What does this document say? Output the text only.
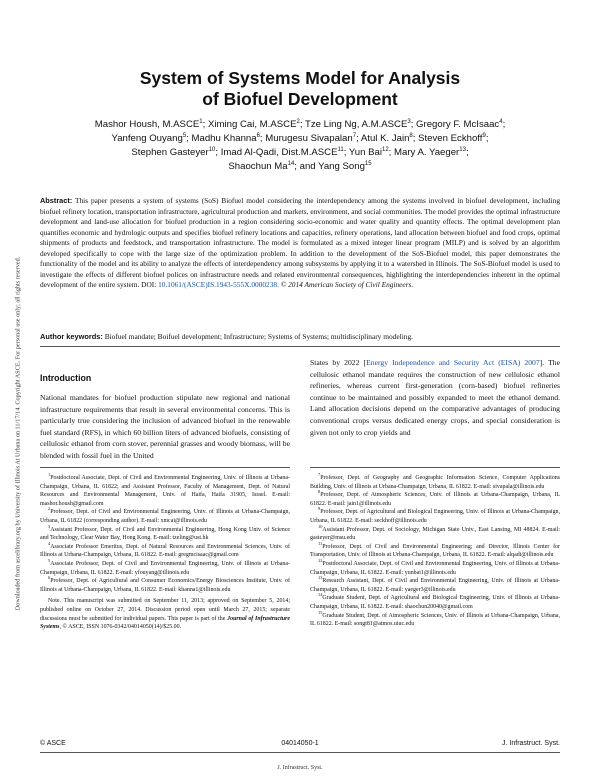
Downloaded from ascelibrary.org by University of Illinois At Urbana on 11/17/14. Copyright ASCE. For personal use only; all rights reserved.
System of Systems Model for Analysis
of Biofuel Development
Mashor Housh, M.ASCE$^1$; Ximing Cai, M.ASCE$^2$; Tze Ling Ng, A.M.ASCE$^3$; Gregory F. McIsaac$^4$;
Yanfeng Ouyang$^5$; Madhu Khanna$^6$; Murugesu Sivapalan$^7$; Atul K. Jain$^8$; Steven Eckhoff$^9$;
Stephen Gasteyer$^{10}$; Imad Al-Qadi, Dist.M.ASCE$^{11}$; Yun Bai$^{12}$; Mary A. Yaeger$^{13}$;
Shaochun Ma$^{14}$; and Yang Song$^{15}$
Abstract: This paper presents a system of systems (SoS) Biofuel model considering the interdependency among the systems involved in biofuel development, including biofuel refinery location, transportation infrastructure, agricultural production and markets, environment, and social communities. The model provides the optimal infrastructure development and land-use allocation for biofuel production in a region considering socio-economic and water quality and quantity effects. The optimal development plan quantifies economic and hydrologic outputs and specifies biofuel refinery locations and capacities, refinery operations, land allocation between biofuel and food crops, optimal shipments of products and feedstock, and transportation infrastructure. The model is formulated as a mixed integer linear program (MILP) and is solved by an algorithm developed specifically to cope with the large size of the optimization problem. In addition to the development of the SoS-Biofuel model, this paper demonstrates the functionality of the model and its ability to analyze the effects of interdependency among subsystems by applying it to a watershed in Illinois. The SoS-Biofuel model is used to investigate the effects of different biofuel polices on infrastructure needs and related environmental consequences, highlighting the interdependencies inherent in the optimal development of the entire system. DOI: 10.1061/(ASCE)IS.1943-555X.0000238. © 2014 American Society of Civil Engineers.
Author keywords: Biofuel mandate; Boifuel development; Infrastructure; Systems of Systems; multidisciplinary modeling.
Introduction
National mandates for biofuel production stipulate new regional and national infrastructure requirements that result in several environmental concerns. This is particularly true considering the inclusion of advanced biofuel in the renewable fuel standard (RFS), in which 60 billion liters of advanced biofuels, consisting of cellulosic ethanol from corn stover, perennial grasses and woody biomass, will be blended with fossil fuel in the United
States by 2022 [Energy Independence and Security Act (EISA) 2007]. The cellulosic ethanol mandate requires the construction of new cellulosic ethanol refineries, whereas current first-generation (corn-based) biofuel refineries continue to be maintained and possibly expanded to meet the ethanol demand. Land allocation decisions depend on the comparative advantages of producing conventional crops versus dedicated energy crops, and special consideration is given not only to crop yields and

$^1$Postdoctoral Associate, Dept. of Civil and Environmental Engineering, Univ. of Illinois at Urbana-Champaign, Urbana, IL 61822; and Assistant Professor, Faculty of Management, Dept. of Natural Resources and Environmental Management, Univ. of Haifa, Haifa 31905, Israel. E-mail: mashor.housh@gmail.com

$^2$Professor, Dept. of Civil and Environmental Engineering, Univ. of Illinois at Urbana-Champaign, Urbana, IL 61822 (corresponding author). E-mail: xmcai@illinois.edu

$^3$Assistant Professor, Dept. of Civil and Environmental Engineering, Hong Kong Univ. of Science and Technology, Clear Water Bay, Hong Kong. E-mail: tzeling@ust.hk

$^4$Associate Professor Emeritus, Dept. of Natural Resources and Environmental Sciences, Univ. of Illinois at Urbana-Champaign, Urbana, IL 61822. E-mail: gregmcisaac@gmail.com

$^5$Associate Professor, Dept. of Civil and Environmental Engineering, Univ. of Illinois at Urbana-Champaign, Urbana, IL 61822. E-mail: yfouyang@illinois.edu

$^6$Professor, Dept. of Agricultural and Consumer Economics/Energy Biosciences Institute, Univ. of Illinois at Urbana-Champaign, Urbana, IL 61822. E-mail: khanna1@illinois.edu

Note. This manuscript was submitted on September 11, 2013; approved on September 5, 2014; published online on October 27, 2014. Discussion period open until March 27, 2015; separate discussions must be submitted for individual papers. This paper is part of the Journal of Infrastructure Systems, © ASCE, ISSN 1076-0342/04014050(14)/$25.00.

$^7$Professor, Dept. of Geography and Geographic Information Science, Computer Applications Building, Univ. of Illinois at Urbana-Champaign, Urbana, IL 61822. E-mail: sivapala@illinois.edu

$^8$Professor, Dept. of Atmospheric Sciences, Univ. of Illinois at Urbana-Champaign, Urbana, IL 61822. E-mail: jain1@illinois.edu

$^9$Professor, Dept. of Agricultural and Biological Engineering, Univ. of Illinois at Urbana-Champaign, Urbana, IL 61822. E-mail: seckhoff@illinois.edu

$^{10}$Assistant Professor, Dept. of Sociology, Michigan State Univ., East Lansing, MI 48824. E-mail: gasteyer@msu.edu

$^{11}$Professor, Dept. of Civil and Environmental Engineering; and Director, Illinois Center for Transportation, Univ. of Illinois at Urbana-Champaign, Urbana, IL 61822. E-mail: alqadi@illinois.edu

$^{12}$Postdoctoral Associate, Dept. of Civil and Environmental Engineering, Univ. of Illinois at Urbana-Champaign, Urbana, IL 61822. E-mail: yunbai1@illinois.edu

$^{13}$Research Assistant, Dept. of Civil and Environmental Engineering, Univ. of Illinois at Urbana-Champaign, Urbana, IL 61822. E-mail: yaeger3@illinois.edu

$^{14}$Graduate Student, Dept. of Agricultural and Biological Engineering, Univ. of Illinois at Urbana-Champaign, Urbana, IL 61822. E-mail: shaochun20040@gmail.com

$^{15}$Graduate Student, Dept. of Atmospheric Sciences, Univ. of Illinois at Urbana-Champaign, Urbana, IL 61822. E-mail: songt81@atmos.uiuc.edu

© ASCE	04014050-1	J. Infrastruct. Syst.
J. Infrastruct. Syst.
